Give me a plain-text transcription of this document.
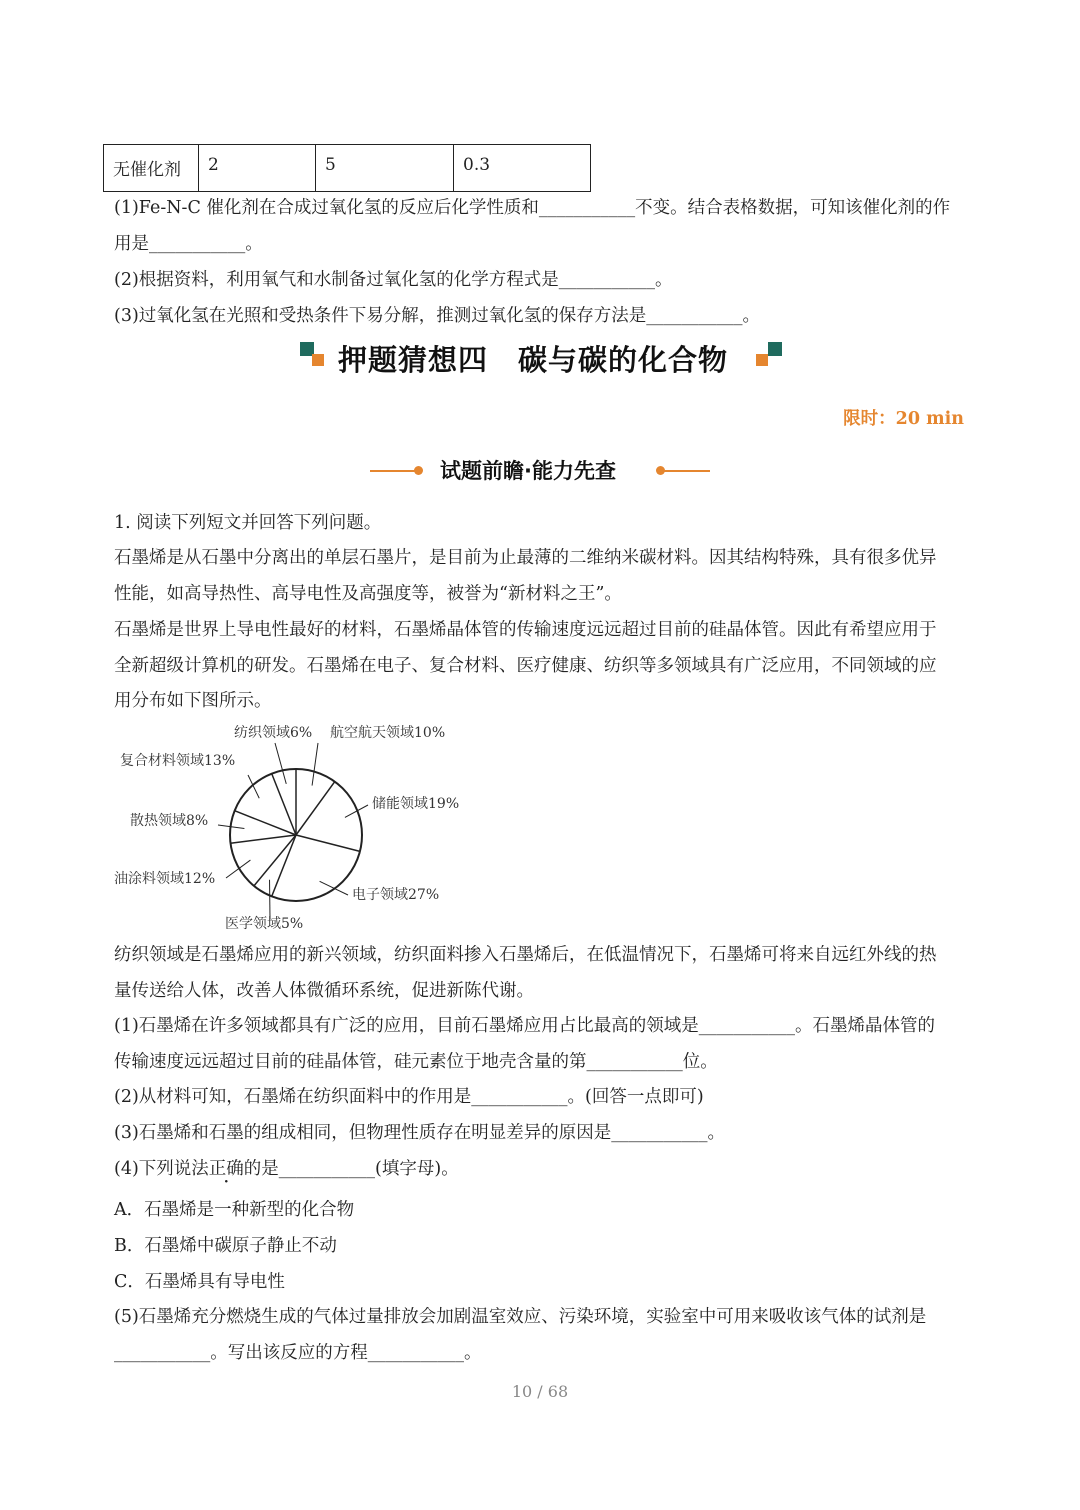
无催化剂	2	5	0.3
(1)Fe-N-C 催化剂在合成过氧化氢的反应后化学性质和___________不变。结合表格数据，可知该催化剂的作
用是___________。
(2)根据资料，利用氧气和水制备过氧化氢的化学方程式是___________。
(3)过氧化氢在光照和受热条件下易分解，推测过氧化氢的保存方法是___________。
押题猜想四　碳与碳的化合物
限时：20 min
试题前瞻·能力先查
1. 阅读下列短文并回答下列问题。
石墨烯是从石墨中分离出的单层石墨片，是目前为止最薄的二维纳米碳材料。因其结构特殊，具有很多优异
性能，如高导热性、高导电性及高强度等，被誉为“新材料之王”。
石墨烯是世界上导电性最好的材料，石墨烯晶体管的传输速度远远超过目前的硅晶体管。因此有希望应用于
全新超级计算机的研发。石墨烯在电子、复合材料、医疗健康、纺织等多领域具有广泛应用，不同领域的应
用分布如下图所示。
航空航天领域10%
储能领域19%
电子领域27%
医学领域5%
油涂料领域12%
散热领域8%
复合材料领域13%
纺织领域6%
纺织领域是石墨烯应用的新兴领域，纺织面料掺入石墨烯后，在低温情况下，石墨烯可将来自远红外线的热
量传送给人体，改善人体微循环系统，促进新陈代谢。
(1)石墨烯在许多领域都具有广泛的应用，目前石墨烯应用占比最高的领域是___________。石墨烯晶体管的
传输速度远远超过目前的硅晶体管，硅元素位于地壳含量的第___________位。
(2)从材料可知，石墨烯在纺织面料中的作用是___________。(回答一点即可)
(3)石墨烯和石墨的组成相同，但物理性质存在明显差异的原因是___________。
(4)下列说法正确的是___________(填字母)。
A．石墨烯是一种新型的化合物
B．石墨烯中碳原子静止不动
C．石墨烯具有导电性
(5)石墨烯充分燃烧生成的气体过量排放会加剧温室效应、污染环境，实验室中可用来吸收该气体的试剂是
___________。写出该反应的方程___________。
10 / 68
